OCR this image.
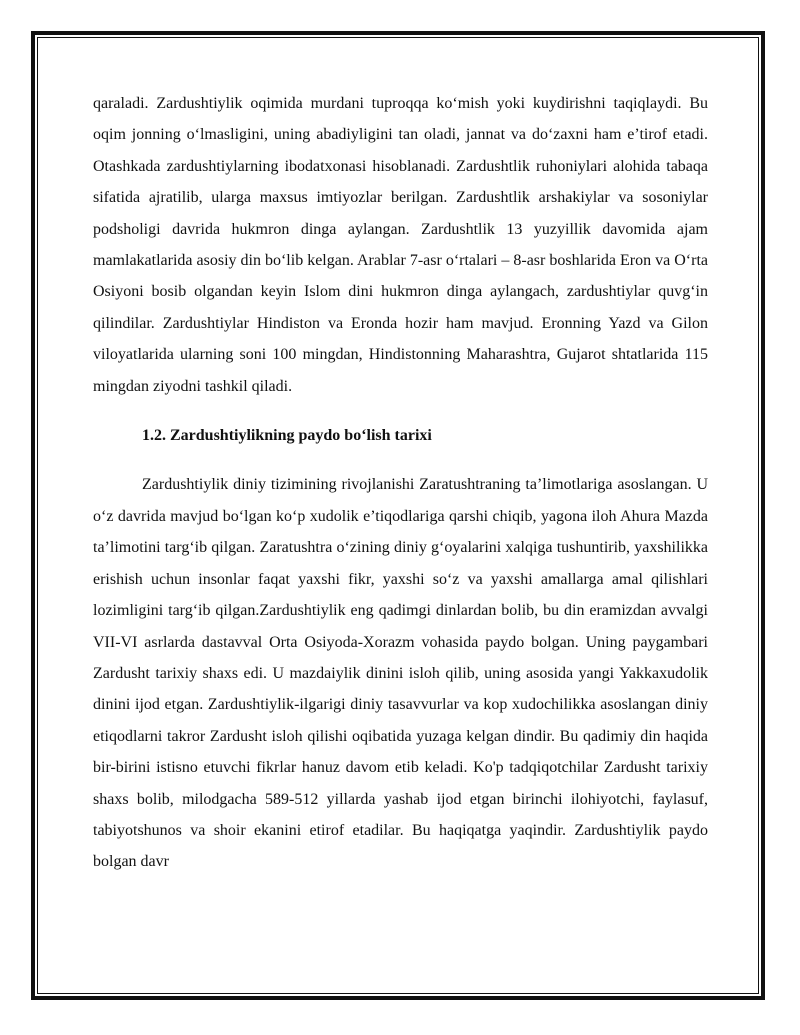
qaraladi. Zardushtiylik oqimida murdani tuproqqa ko‘mish yoki kuydirishni taqiqlaydi. Bu oqim jonning o‘lmasligini, uning abadiyligini tan oladi, jannat va do‘zaxni ham e’tirof etadi. Otashkada zardushtiylarning ibodatxonasi hisoblanadi. Zardushtlik ruhoniylari alohida tabaqa sifatida ajratilib, ularga maxsus imtiyozlar berilgan. Zardushtlik arshakiylar va sosoniylar podsholigi davrida hukmron dinga aylangan. Zardushtlik 13 yuzyillik davomida ajam mamlakatlarida asosiy din bo‘lib kelgan. Arablar 7-asr o‘rtalari – 8-asr boshlarida Eron va O‘rta Osiyoni bosib olgandan keyin Islom dini hukmron dinga aylangach, zardushtiylar quvg‘in qilindilar. Zardushtiylar Hindiston va Eronda hozir ham mavjud. Eronning Yazd va Gilon viloyatlarida ularning soni 100 mingdan, Hindistonning Maharashtra, Gujarot shtatlarida 115 mingdan ziyodni tashkil qiladi.

1.2. Zardushtiylikning paydo bo‘lish tarixi

Zardushtiylik diniy tizimining rivojlanishi Zaratushtraning ta’limotlariga asoslangan. U o‘z davrida mavjud bo‘lgan ko‘p xudolik e’tiqodlariga qarshi chiqib, yagona iloh Ahura Mazda ta’limotini targ‘ib qilgan. Zaratushtra o‘zining diniy g‘oyalarini xalqiga tushuntirib, yaxshilikka erishish uchun insonlar faqat yaxshi fikr, yaxshi so‘z va yaxshi amallarga amal qilishlari lozimligini targ‘ib qilgan.Zardushtiylik eng qadimgi dinlardan bolib, bu din eramizdan avvalgi VII-VI asrlarda dastavval Orta Osiyoda-Xorazm vohasida paydo bolgan. Uning paygambari Zardusht tarixiy shaxs edi. U mazdaiylik dinini isloh qilib, uning asosida yangi Yakkaxudolik dinini ijod etgan. Zardushtiylik-ilgarigi diniy tasavvurlar va kop xudochilikka asoslangan diniy etiqodlarni takror Zardusht isloh qilishi oqibatida yuzaga kelgan dindir. Bu qadimiy din haqida bir-birini istisno etuvchi fikrlar hanuz davom etib keladi. Ko'p tadqiqotchilar Zardusht tarixiy shaxs bolib, milodgacha 589-512 yillarda yashab ijod etgan birinchi ilohiyotchi, faylasuf, tabiyotshunos va shoir ekanini etirof etadilar. Bu haqiqatga yaqindir. Zardushtiylik paydo bolgan davr
